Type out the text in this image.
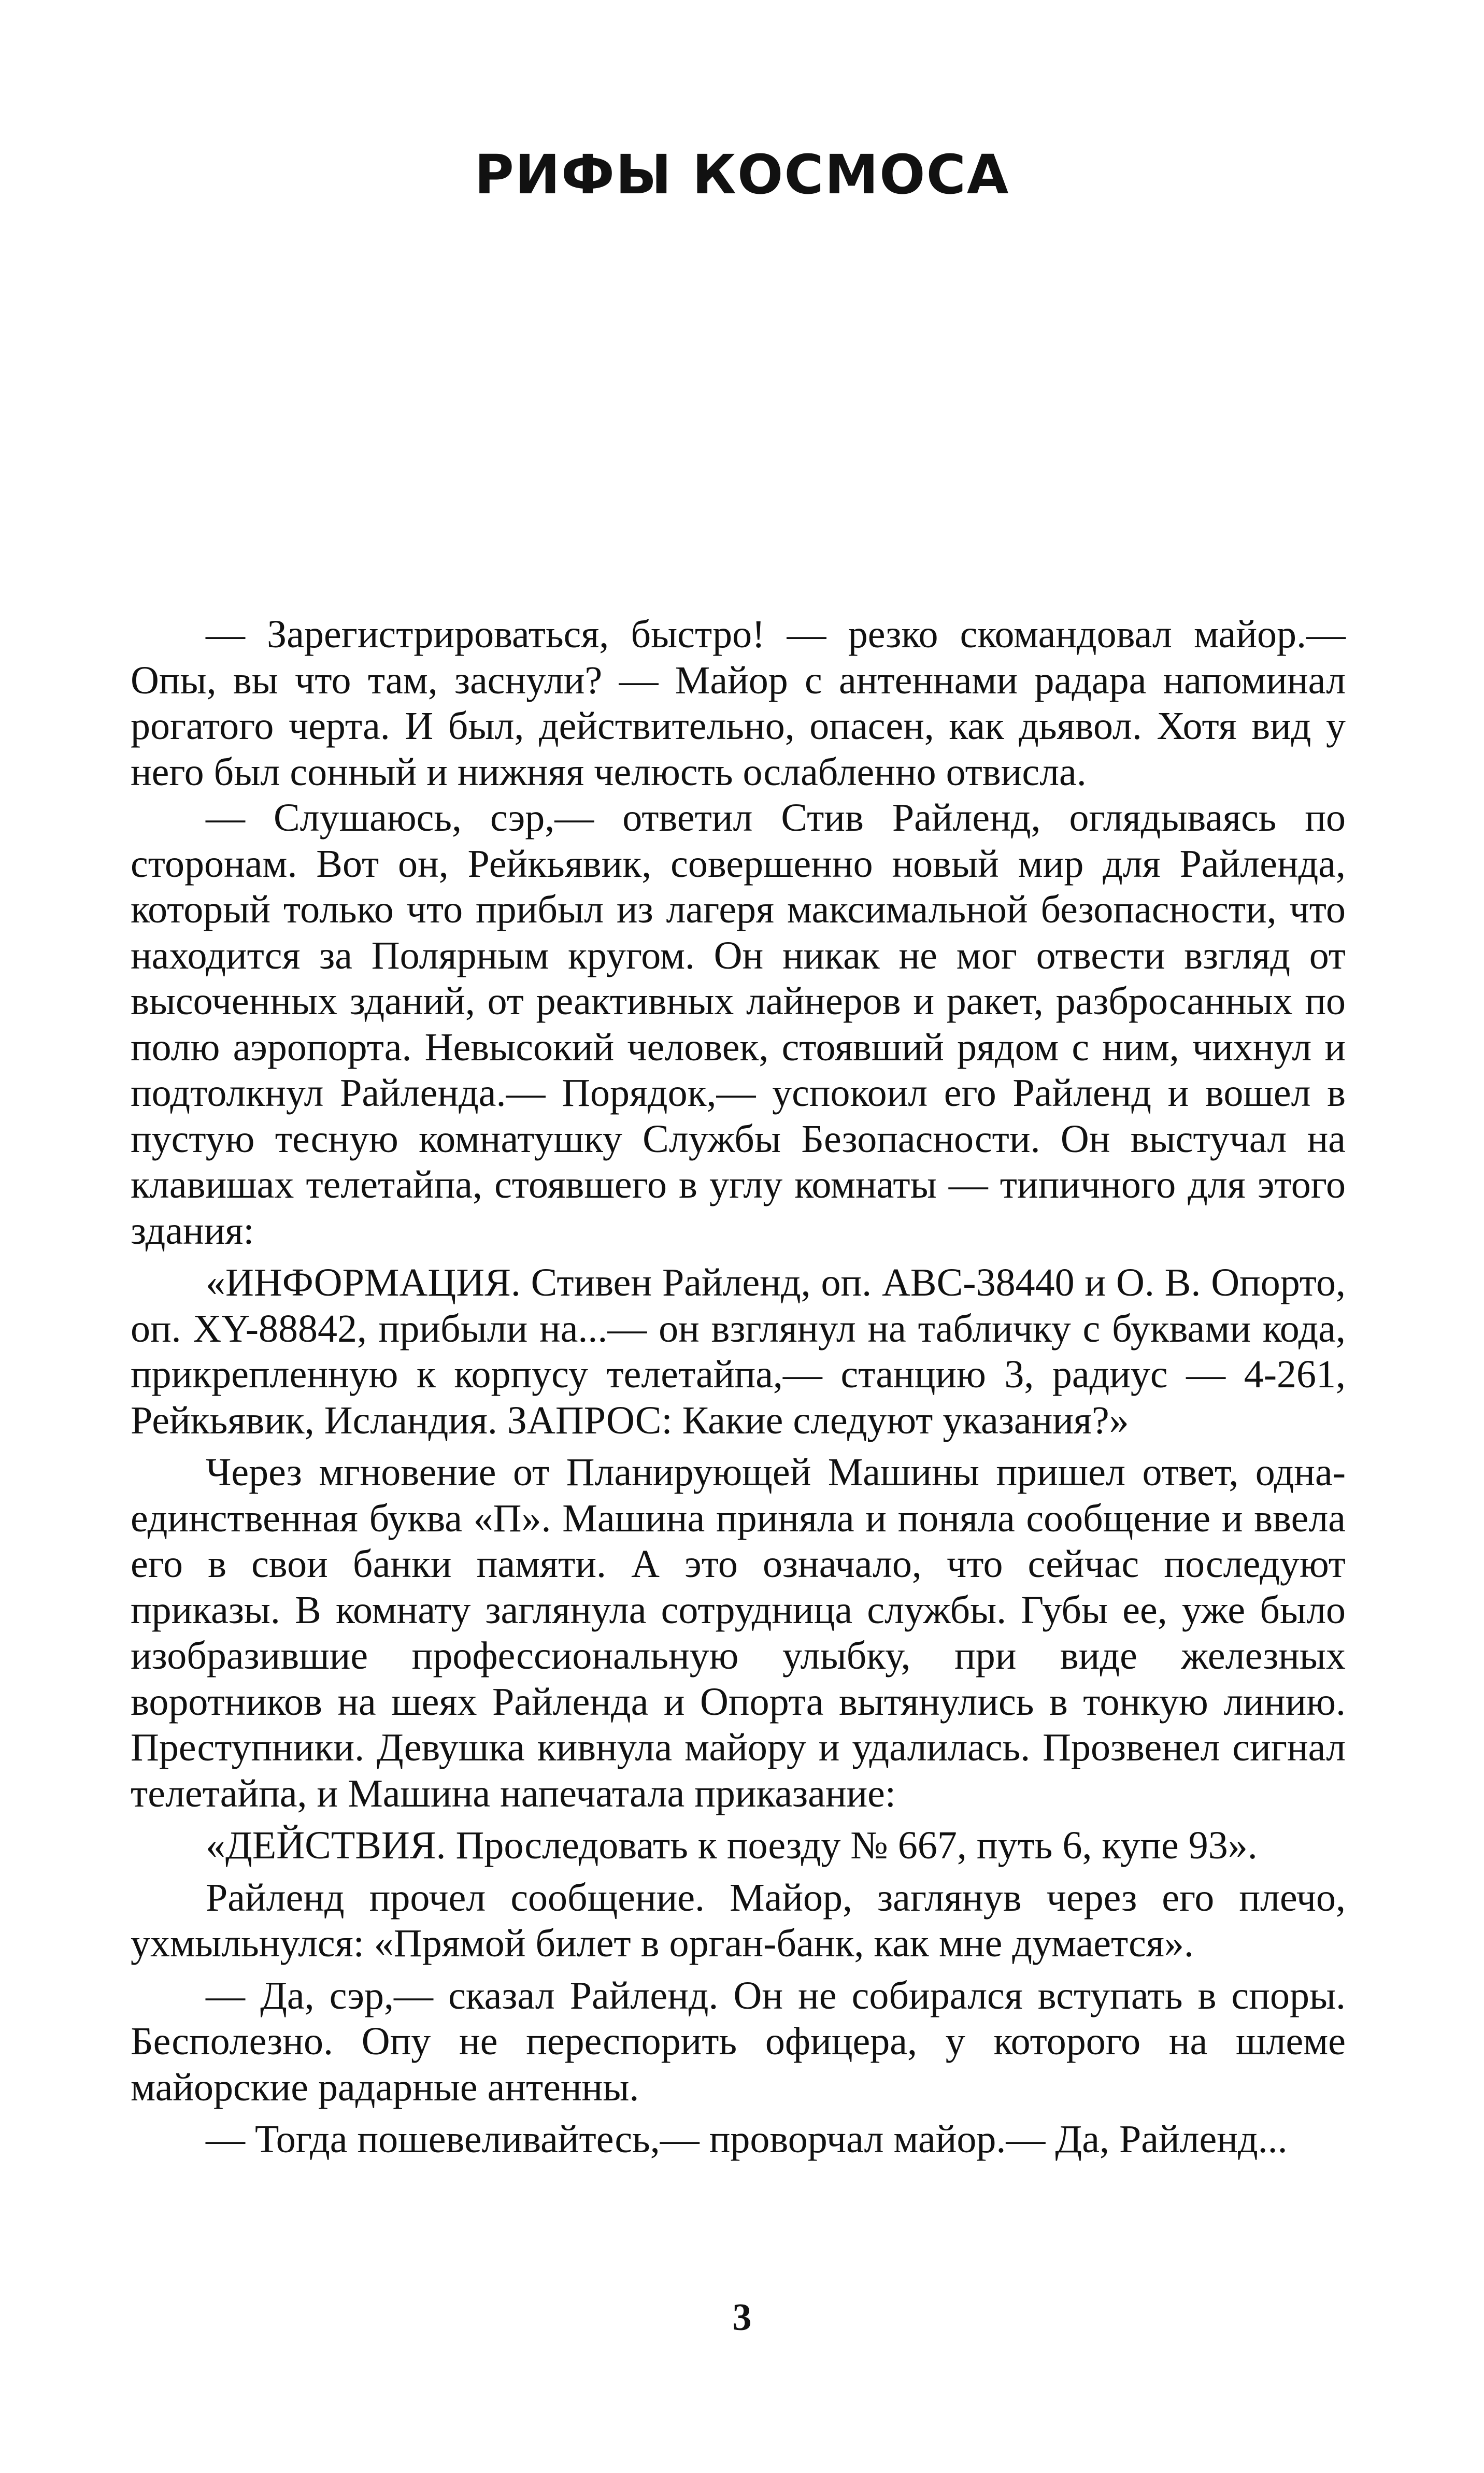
РИФЫ КОСМОСА

— Зарегистрироваться, быстро! — резко скомандовал майор.— Опы, вы что там, заснули? — Майор с антеннами радара напоминал рогатого черта. И был, действительно, опасен, как дьявол. Хотя вид у него был сонный и нижняя челюсть ослабленно отвисла.

— Слушаюсь, сэр,— ответил Стив Райленд, оглядываясь по сторонам. Вот он, Рейкьявик, совершенно новый мир для Райленда, который только что прибыл из лагеря максимальной безопасности, что находится за Полярным кругом. Он никак не мог отвести взгляд от высоченных зданий, от реактивных лайнеров и ракет, разбросанных по полю аэропорта. Невысокий человек, стоявший рядом с ним, чихнул и подтолкнул Райленда.— Порядок,— успокоил его Райленд и вошел в пустую тесную комнатушку Службы Безопасности. Он выстучал на клавишах телетайпа, стоявшего в углу комнаты — типичного для этого здания:

«ИНФОРМАЦИЯ. Стивен Райленд, оп. ABC-38440 и О. В. Опорто, оп. XY-88842, прибыли на...— он взглянул на табличку с буквами кода, прикрепленную к корпусу телетайпа,— станцию 3, радиус — 4-261, Рейкьявик, Исландия. ЗАПРОС: Какие следуют указания?»

Через мгновение от Планирующей Машины пришел ответ, одна-единственная буква «П». Машина приняла и поняла сообщение и ввела его в свои банки памяти. А это означало, что сейчас последуют приказы. В комнату заглянула сотрудница службы. Губы ее, уже было изобразившие профессиональную улыбку, при виде железных воротников на шеях Райленда и Опорта вытянулись в тонкую линию. Преступники. Девушка кивнула майору и удалилась. Прозвенел сигнал телетайпа, и Машина напечатала приказание:

«ДЕЙСТВИЯ. Проследовать к поезду № 667, путь 6, купе 93».

Райленд прочел сообщение. Майор, заглянув через его плечо, ухмыльнулся: «Прямой билет в орган-банк, как мне думается».

— Да, сэр,— сказал Райленд. Он не собирался вступать в споры. Бесполезно. Опу не переспорить офицера, у которого на шлеме майорские радарные антенны.

— Тогда пошевеливайтесь,— проворчал майор.— Да, Райленд...

3
